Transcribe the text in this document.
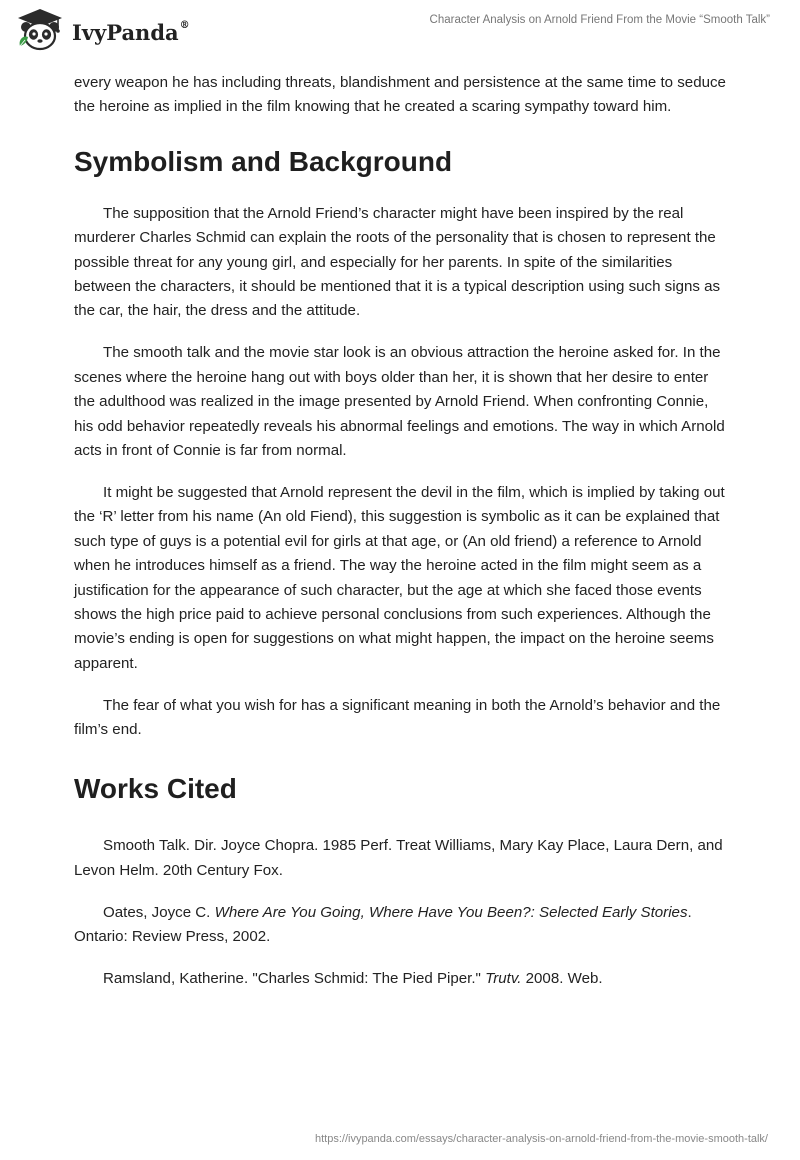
IvyPanda®	Character Analysis on Arnold Friend From the Movie “Smooth Talk”

every weapon he has including threats, blandishment and persistence at the same time to seduce the heroine as implied in the film knowing that he created a scaring sympathy toward him.

Symbolism and Background

The supposition that the Arnold Friend’s character might have been inspired by the real murderer Charles Schmid can explain the roots of the personality that is chosen to represent the possible threat for any young girl, and especially for her parents. In spite of the similarities between the characters, it should be mentioned that it is a typical description using such signs as the car, the hair, the dress and the attitude.

The smooth talk and the movie star look is an obvious attraction the heroine asked for. In the scenes where the heroine hang out with boys older than her, it is shown that her desire to enter the adulthood was realized in the image presented by Arnold Friend. When confronting Connie, his odd behavior repeatedly reveals his abnormal feelings and emotions. The way in which Arnold acts in front of Connie is far from normal.

It might be suggested that Arnold represent the devil in the film, which is implied by taking out the ‘R’ letter from his name (An old Fiend), this suggestion is symbolic as it can be explained that such type of guys is a potential evil for girls at that age, or (An old friend) a reference to Arnold when he introduces himself as a friend. The way the heroine acted in the film might seem as a justification for the appearance of such character, but the age at which she faced those events shows the high price paid to achieve personal conclusions from such experiences. Although the movie’s ending is open for suggestions on what might happen, the impact on the heroine seems apparent.

The fear of what you wish for has a significant meaning in both the Arnold’s behavior and the film’s end.

Works Cited

Smooth Talk. Dir. Joyce Chopra. 1985 Perf. Treat Williams, Mary Kay Place, Laura Dern, and Levon Helm. 20th Century Fox.

Oates, Joyce C. Where Are You Going, Where Have You Been?: Selected Early Stories. Ontario: Review Press, 2002.

Ramsland, Katherine. "Charles Schmid: The Pied Piper." Trutv. 2008. Web.

https://ivypanda.com/essays/character-analysis-on-arnold-friend-from-the-movie-smooth-talk/
